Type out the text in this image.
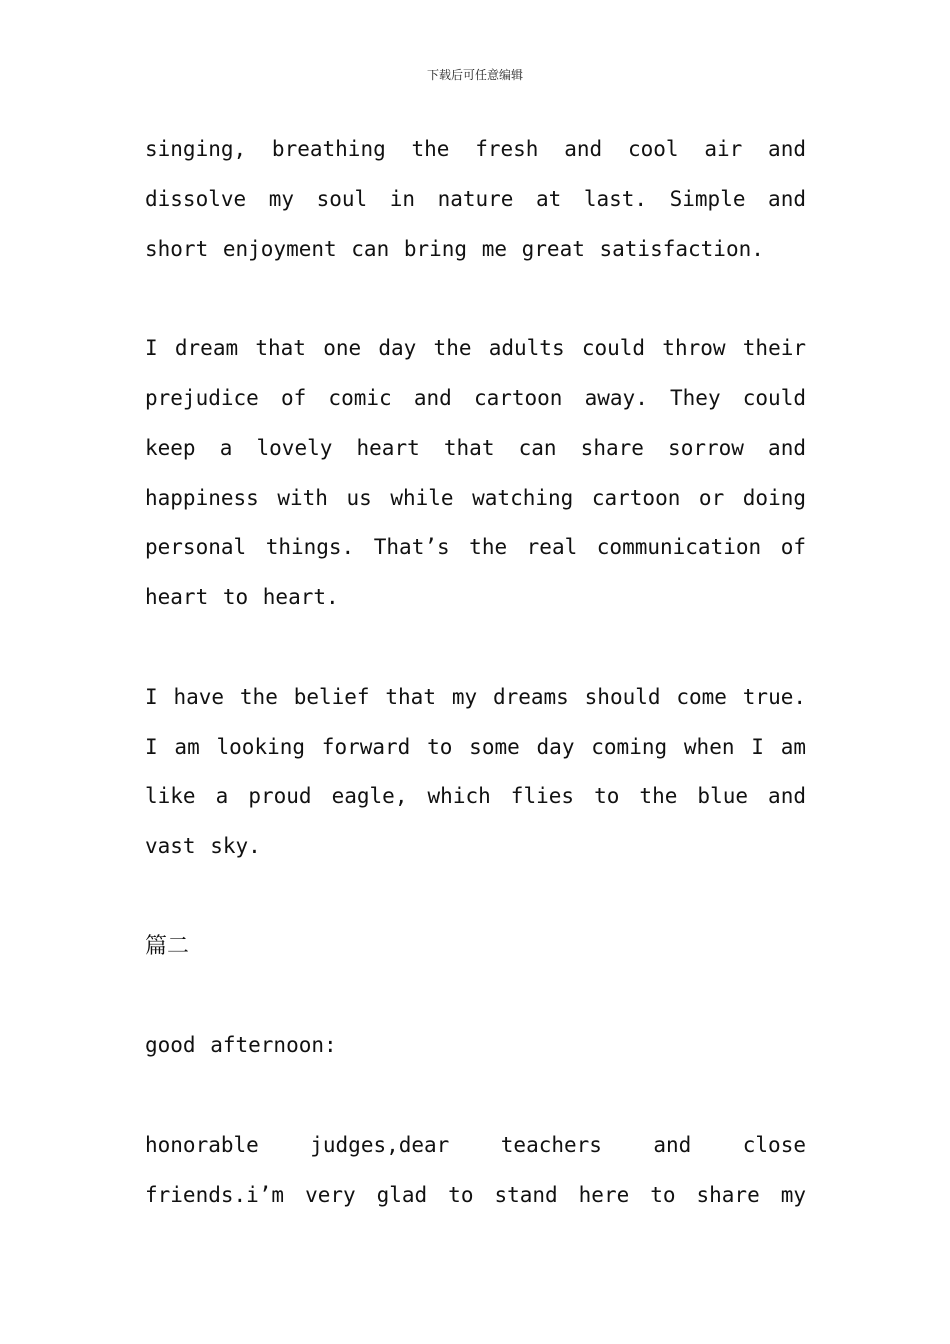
下载后可任意编辑

singing, breathing the fresh and cool air and dissolve my soul in nature at last. Simple and short enjoyment can bring me great satisfaction.

I dream that one day the adults could throw their prejudice of comic and cartoon away. They could keep a lovely heart that can share sorrow and happiness with us while watching cartoon or doing personal things. That’s the real communication of heart to heart.

I have the belief that my dreams should come true. I am looking forward to some day coming when I am like a proud eagle, which flies to the blue and vast sky.

篇二

good afternoon:

honorable judges,dear teachers and close friends.i’m very glad to stand here to share my
